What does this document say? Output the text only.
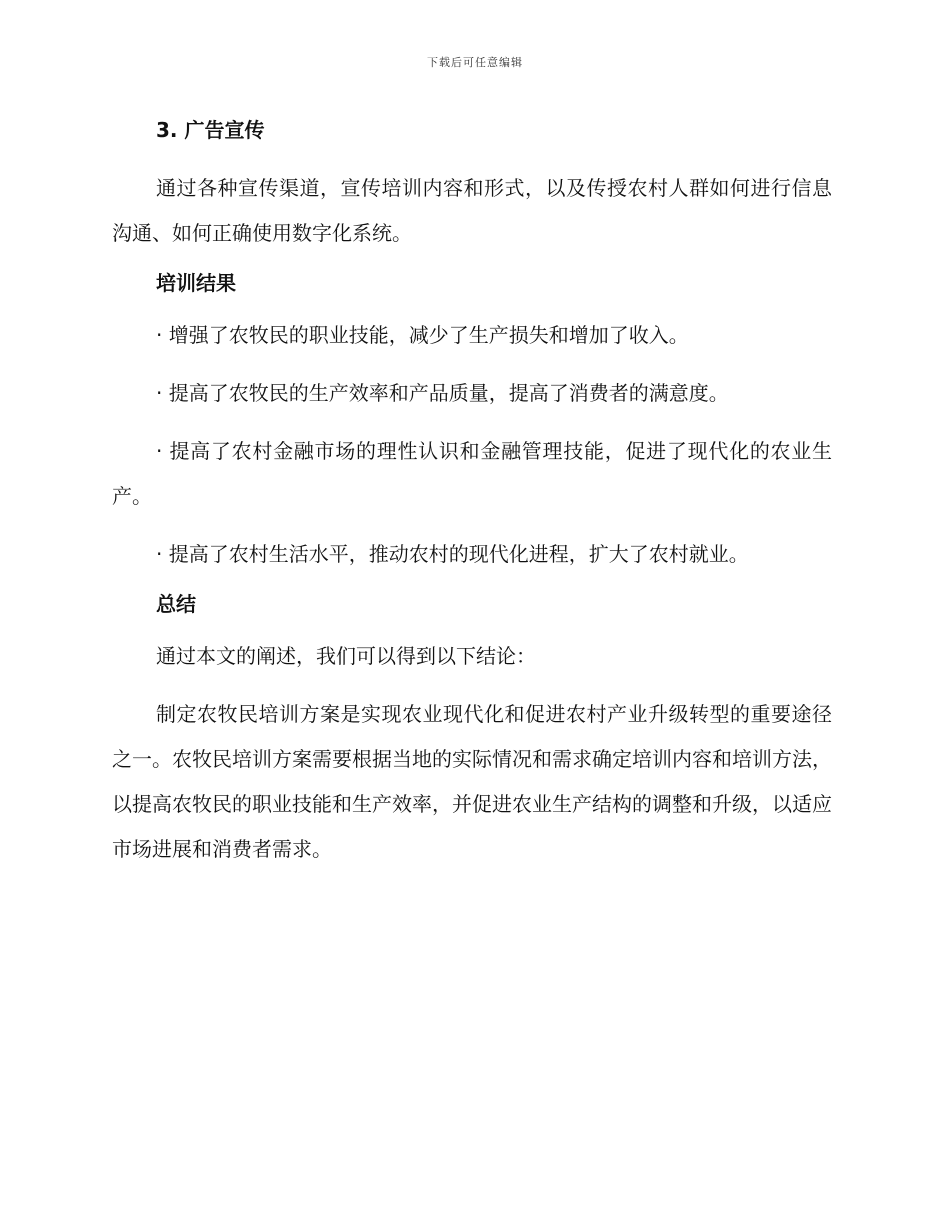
下载后可任意编辑
3. 广告宣传

通过各种宣传渠道，宣传培训内容和形式，以及传授农村人群如何进行信息沟通、如何正确使用数字化系统。

培训结果

· 增强了农牧民的职业技能，减少了生产损失和增加了收入。

· 提高了农牧民的生产效率和产品质量，提高了消费者的满意度。

· 提高了农村金融市场的理性认识和金融管理技能，促进了现代化的农业生产。

· 提高了农村生活水平，推动农村的现代化进程，扩大了农村就业。

总结

通过本文的阐述，我们可以得到以下结论：

制定农牧民培训方案是实现农业现代化和促进农村产业升级转型的重要途径之一。农牧民培训方案需要根据当地的实际情况和需求确定培训内容和培训方法，以提高农牧民的职业技能和生产效率，并促进农业生产结构的调整和升级，以适应市场进展和消费者需求。
